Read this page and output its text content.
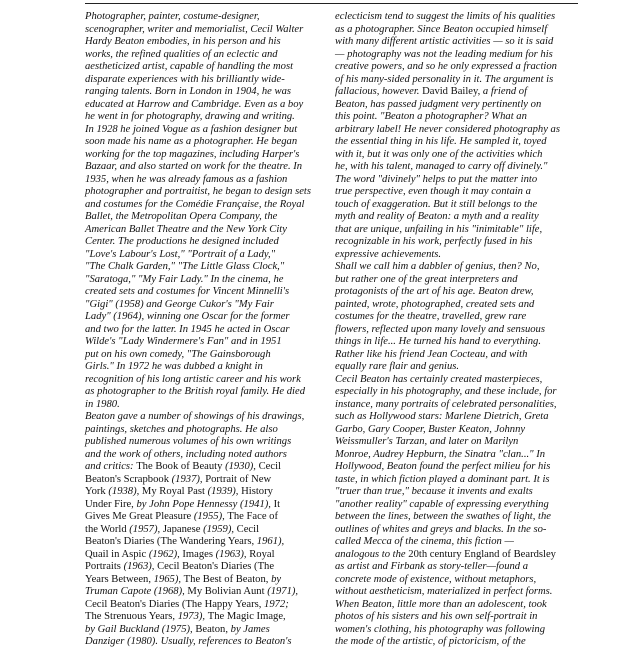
Photographer, painter, costume-designer,
scenographer, writer and memorialist, Cecil Walter
Hardy Beaton embodies, in his person and his
works, the refined qualities of an eclectic and
aestheticized artist, capable of handling the most
disparate experiences with his brilliantly wide-
ranging talents. Born in London in 1904, he was
educated at Harrow and Cambridge. Even as a boy
he went in for photography, drawing and writing.
In 1928 he joined Vogue as a fashion designer but
soon made his name as a photographer. He began
working for the top magazines, including Harper's
Bazaar, and also started on work for the theatre. In
1935, when he was already famous as a fashion
photographer and portraitist, he began to design sets
and costumes for the Comédie Française, the Royal
Ballet, the Metropolitan Opera Company, the
American Ballet Theatre and the New York City
Center. The productions he designed included
"Love's Labour's Lost," "Portrait of a Lady,"
"The Chalk Garden," "The Little Glass Clock,"
"Saratoga," "My Fair Lady." In the cinema, he
created sets and costumes for Vincent Minnelli's
"Gigi" (1958) and George Cukor's "My Fair
Lady" (1964), winning one Oscar for the former
and two for the latter. In 1945 he acted in Oscar
Wilde's "Lady Windermere's Fan" and in 1951
put on his own comedy, "The Gainsborough
Girls." In 1972 he was dubbed a knight in
recognition of his long artistic career and his work
as photographer to the British royal family. He died
in 1980.
Beaton gave a number of showings of his drawings,
paintings, sketches and photographs. He also
published numerous volumes of his own writings
and the work of others, including noted authors
and critics: The Book of Beauty (1930), Cecil
Beaton's Scrapbook (1937), Portrait of New
York (1938), My Royal Past (1939), History
Under Fire, by John Pope Hennessy (1941), It
Gives Me Great Pleasure (1955), The Face of
the World (1957), Japanese (1959), Cecil
Beaton's Diaries (The Wandering Years, 1961),
Quail in Aspic (1962), Images (1963), Royal
Portraits (1963), Cecil Beaton's Diaries (The
Years Between, 1965), The Best of Beaton, by
Truman Capote (1968), My Bolivian Aunt (1971),
Cecil Beaton's Diaries (The Happy Years, 1972;
The Strenuous Years, 1973), The Magic Image,
by Gail Buckland (1975), Beaton, by James
Danziger (1980). Usually, references to Beaton's
eclecticism tend to suggest the limits of his qualities
as a photographer. Since Beaton occupied himself
with many different artistic activities — so it is said
— photography was not the leading medium for his
creative powers, and so he only expressed a fraction
of his many-sided personality in it. The argument is
fallacious, however. David Bailey, a friend of
Beaton, has passed judgment very pertinently on
this point. "Beaton a photographer? What an
arbitrary label! He never considered photography as
the essential thing in his life. He sampled it, toyed
with it, but it was only one of the activities which
he, with his talent, managed to carry off divinely."
The word "divinely" helps to put the matter into
true perspective, even though it may contain a
touch of exaggeration. But it still belongs to the
myth and reality of Beaton: a myth and a reality
that are unique, unfailing in his "inimitable" life,
recognizable in his work, perfectly fused in his
expressive achievements.
Shall we call him a dabbler of genius, then? No,
but rather one of the great interpreters and
protagonists of the art of his age. Beaton drew,
painted, wrote, photographed, created sets and
costumes for the theatre, travelled, grew rare
flowers, reflected upon many lovely and sensuous
things in life... He turned his hand to everything.
Rather like his friend Jean Cocteau, and with
equally rare flair and genius.
Cecil Beaton has certainly created masterpieces,
especially in his photography, and these include, for
instance, many portraits of celebrated personalities,
such as Hollywood stars: Marlene Dietrich, Greta
Garbo, Gary Cooper, Buster Keaton, Johnny
Weissmuller's Tarzan, and later on Marilyn
Monroe, Audrey Hepburn, the Sinatra "clan..." In
Hollywood, Beaton found the perfect milieu for his
taste, in which fiction played a dominant part. It is
"truer than true," because it invents and exalts
"another reality" capable of expressing everything
between the lines, between the swathes of light, the
outlines of whites and greys and blacks. In the so-
called Mecca of the cinema, this fiction —
analogous to the 20th century England of Beardsley
as artist and Firbank as story-teller—found a
concrete mode of existence, without metaphors,
without aestheticism, materialized in perfect forms.
When Beaton, little more than an adolescent, took
photos of his sisters and his own self-portrait in
women's clothing, his photography was following
the mode of the artistic, of pictoricism, of the
